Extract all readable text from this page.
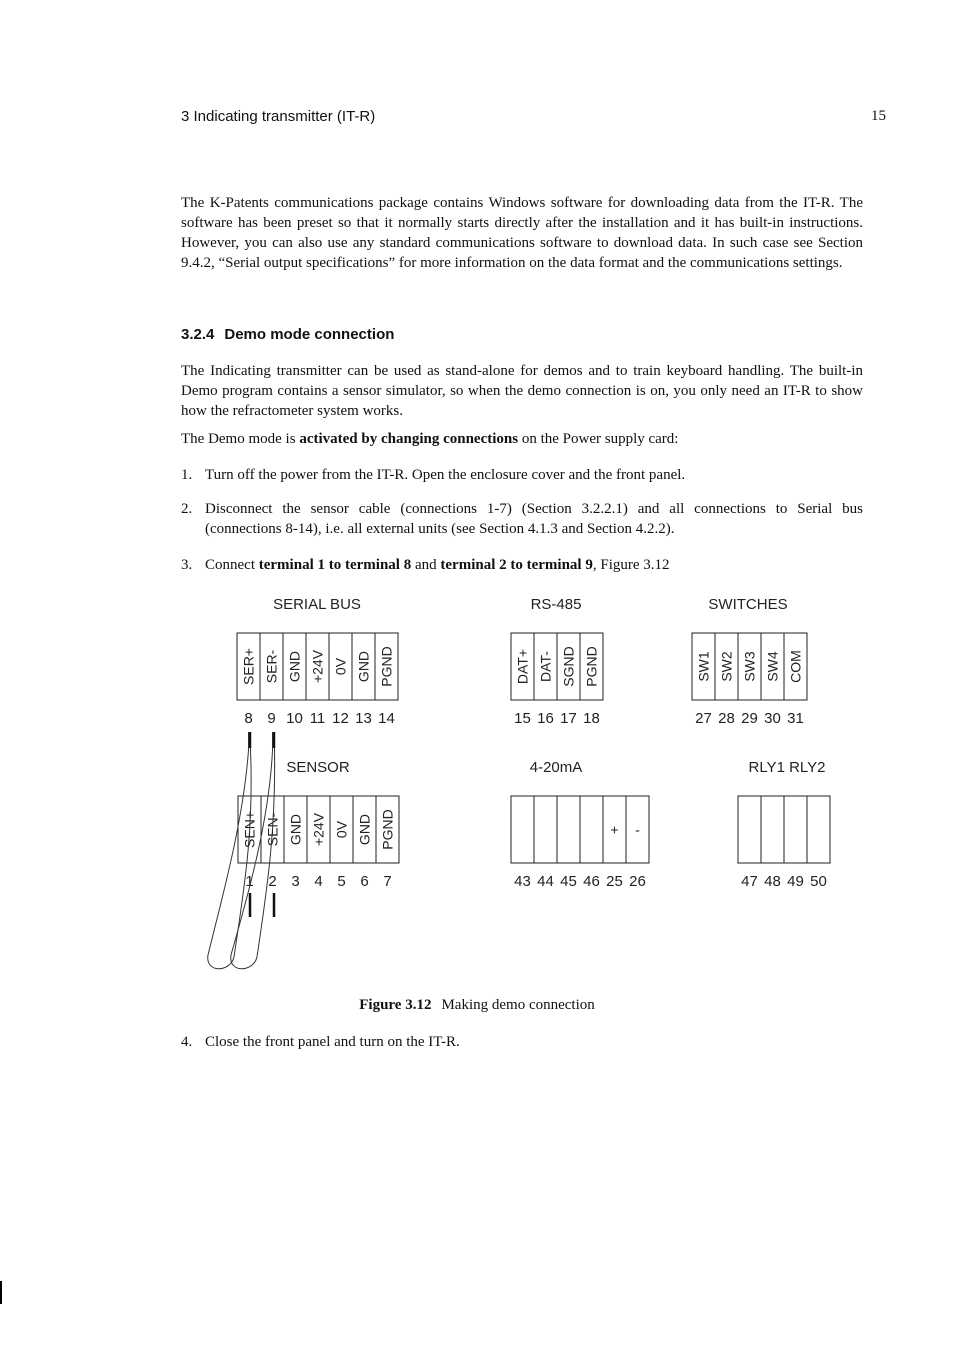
3 Indicating transmitter (IT-R)	15

The K-Patents communications package contains Windows software for downloading data from the IT-R. The software has been preset so that it normally starts directly after the installation and it has built-in instructions. However, you can also use any standard communications software to download data. In such case see Section 9.4.2, “Serial output specifications” for more information on the data format and the communications settings.

3.2.4 Demo mode connection

The Indicating transmitter can be used as stand-alone for demos and to train keyboard handling. The built-in Demo program contains a sensor simulator, so when the demo connection is on, you only need an IT-R to show how the refractometer system works.

The Demo mode is activated by changing connections on the Power supply card:

1. Turn off the power from the IT-R. Open the enclosure cover and the front panel.
2. Disconnect the sensor cable (connections 1-7) (Section 3.2.2.1) and all connections to Serial bus (connections 8-14), i.e. all external units (see Section 4.1.3 and Section 4.2.2).
3. Connect terminal 1 to terminal 8 and terminal 2 to terminal 9, Figure 3.12
SERIAL BUS
SER+
8
SER-
9
GND
10
+24V
11
0V
12
GND
13
PGND
14
RS-485
DAT+
15
DAT-
16
SGND
17
PGND
18
SWITCHES
SW1
27
SW2
28
SW3
29
SW4
30
COM
31
SENSOR
SEN+
1
SEN-
2
GND
3
+24V
4
0V
5
GND
6
PGND
7
4-20mA
43 44 45 46
+
25
-
26
RLY1 RLY2
47 48 49 50
Figure 3.12 Making demo connection
4. Close the front panel and turn on the IT-R.
